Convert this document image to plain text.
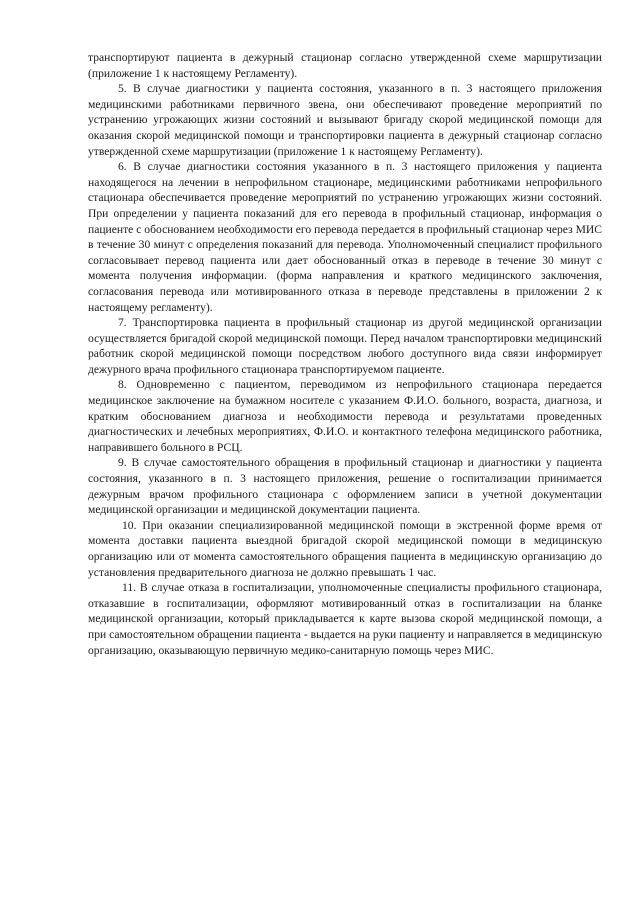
транспортируют пациента в дежурный стационар согласно утвержденной схеме маршрутизации (приложение 1 к настоящему Регламенту).

5. В случае диагностики у пациента состояния, указанного в п. 3 настоящего приложения медицинскими работниками первичного звена, они обеспечивают проведение мероприятий по устранению угрожающих жизни состояний и вызывают бригаду скорой медицинской помощи для оказания скорой медицинской помощи и транспортировки пациента в дежурный стационар согласно утвержденной схеме маршрутизации (приложение 1 к настоящему Регламенту).

6. В случае диагностики состояния указанного в п. 3 настоящего приложения у пациента находящегося на лечении в непрофильном стационаре, медицинскими работниками непрофильного стационара обеспечивается проведение мероприятий по устранению угрожающих жизни состояний. При определении у пациента показаний для его перевода в профильный стационар, информация о пациенте с обоснованием необходимости его перевода передается в профильный стационар через МИС в течение 30 минут с определения показаний для перевода. Уполномоченный специалист профильного согласовывает перевод пациента или дает обоснованный отказ в переводе в течение 30 минут с момента получения информации. (форма направления и краткого медицинского заключения, согласования перевода или мотивированного отказа в переводе представлены в приложении 2 к настоящему регламенту).

7. Транспортировка пациента в профильный стационар из другой медицинской организации осуществляется бригадой скорой медицинской помощи. Перед началом транспортировки медицинский работник скорой медицинской помощи посредством любого доступного вида связи информирует дежурного врача профильного стационара транспортируемом пациенте.

8. Одновременно с пациентом, переводимом из непрофильного стационара передается медицинское заключение на бумажном носителе с указанием Ф.И.О. больного, возраста, диагноза, и кратким обоснованием диагноза и необходимости перевода и результатами проведенных диагностических и лечебных мероприятиях, Ф.И.О. и контактного телефона медицинского работника, направившего больного в РСЦ.

9. В случае самостоятельного обращения в профильный стационар и диагностики у пациента состояния, указанного в п. 3 настоящего приложения, решение о госпитализации принимается дежурным врачом профильного стационара с оформлением записи в учетной документации медицинской организации и медицинской документации пациента.

10. При оказании специализированной медицинской помощи в экстренной форме время от момента доставки пациента выездной бригадой скорой медицинской помощи в медицинскую организацию или от момента самостоятельного обращения пациента в медицинскую организацию до установления предварительного диагноза не должно превышать 1 час.

11. В случае отказа в госпитализации, уполномоченные специалисты профильного стационара, отказавшие в госпитализации, оформляют мотивированный отказ в госпитализации на бланке медицинской организации, который прикладывается к карте вызова скорой медицинской помощи, а при самостоятельном обращении пациента - выдается на руки пациенту и направляется в медицинскую организацию, оказывающую первичную медико-санитарную помощь через МИС.
